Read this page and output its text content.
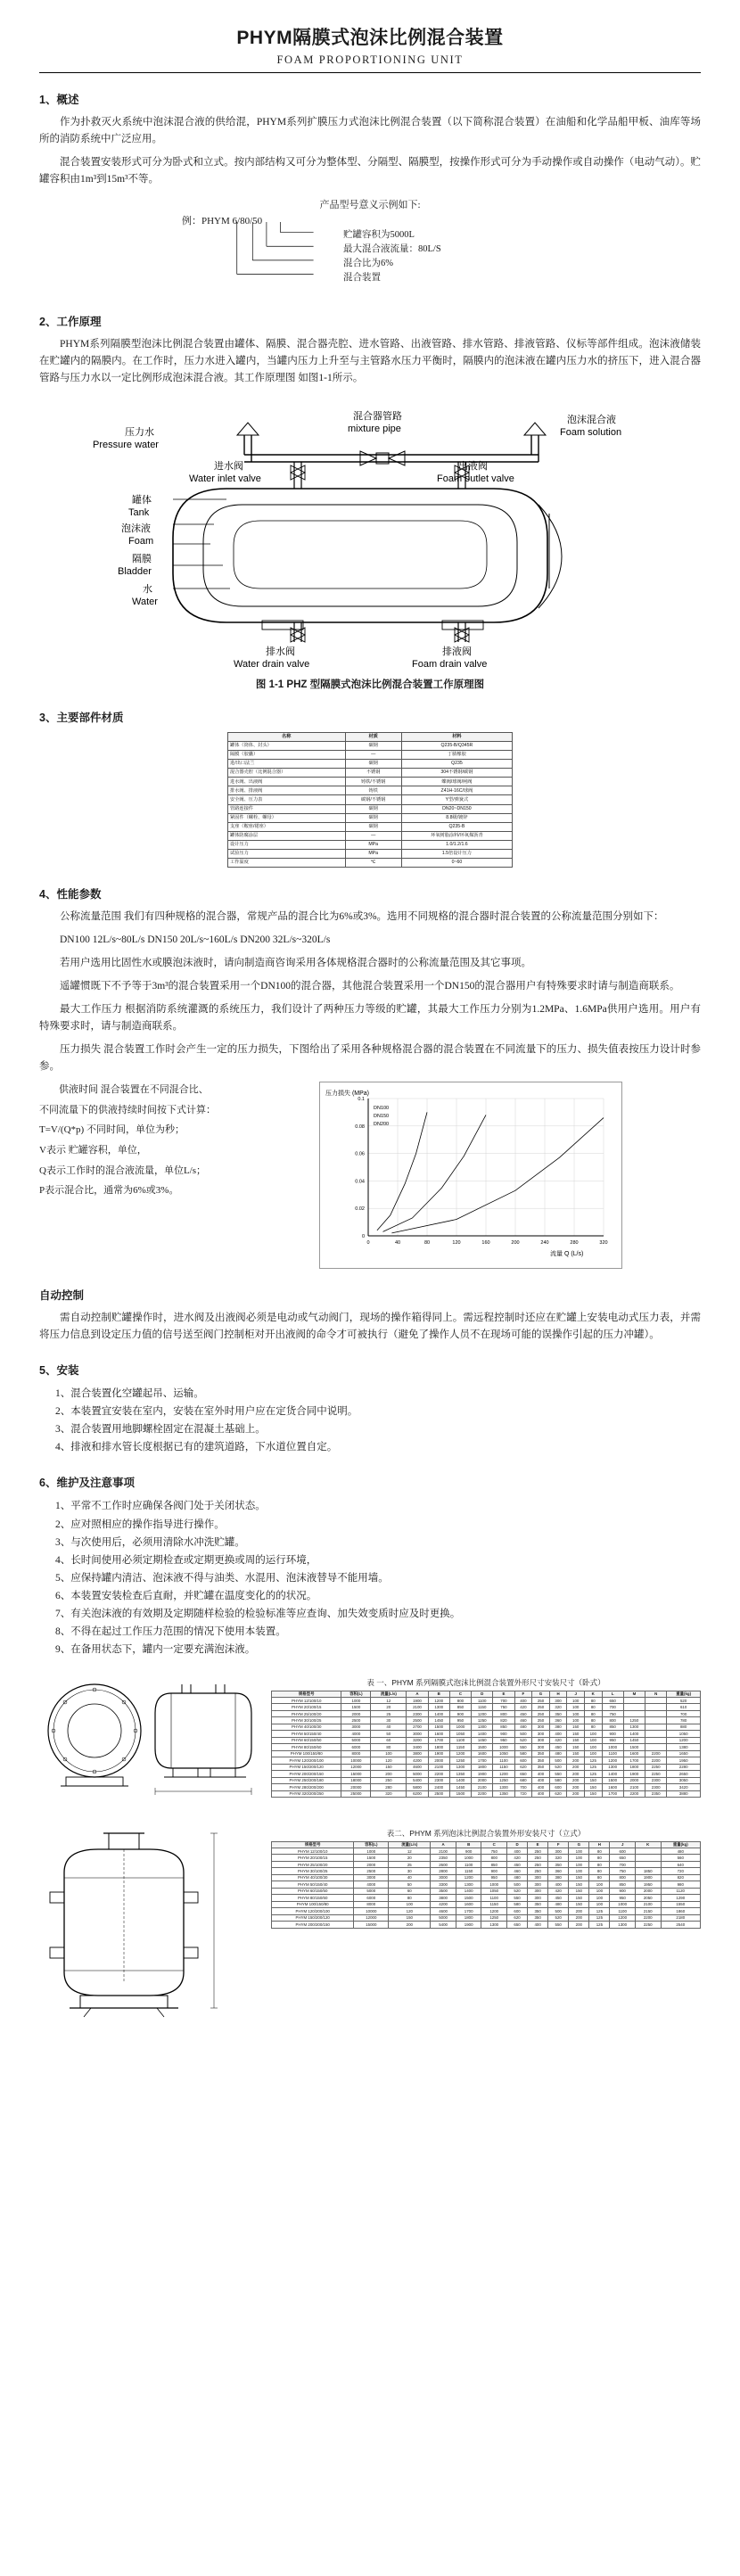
PHYM隔膜式泡沫比例混合装置
FOAM PROPORTIONING UNIT
1、概述

作为扑救灭火系统中泡沫混合液的供给混，PHYM系列扩膜压力式泡沫比例混合装置（以下简称混合装置）在油船和化学品船甲板、油库等场所的消防系统中广泛应用。

混合装置安装形式可分为卧式和立式。按内部结构又可分为整体型、分隔型、隔膜型，按操作形式可分为手动操作或自动操作（电动气动）。贮罐容积由1m³到15m³不等。

产品型号意义示例如下:
例：PHYM 6/80/50
贮罐容积为5000L
最大混合液流量：80L/S
混合比为6%
混合装置
2、工作原理

PHYM系列隔膜型泡沫比例混合装置由罐体、隔膜、混合器壳腔、进水管路、出液管路、排水管路、排液管路、仪标等部件组成。泡沫液储装在贮罐内的隔膜内。在工作时，压力水进入罐内，当罐内压力上升至与主管路水压力平衡时，隔膜内的泡沫液在罐内压力水的挤压下，进入混合器管路与压力水以一定比例形成泡沫混合液。其工作原理图 如图1-1所示。

压力水
Pressure water
混合器管路
mixture pipe
泡沫混合液
Foam solution
进水阀
Water inlet valve
出液阀
Foam outlet valve
罐体
Tank
泡沫液
Foam
隔膜
Bladder
水
Water
排水阀
Water drain valve
排液阀
Foam drain valve
图 1-1 PHZ 型隔膜式泡沫比例混合装置工作原理图
3、主要部件材质
名称	材质	材料
罐体（筒体、封头）	碳钢	Q235-B/Q345R
隔膜（胶囊）	—	丁腈橡胶
进/出口法兰	碳钢	Q235
混合器壳腔（比例混合器）	不锈钢	304不锈钢/碳钢
进水阀、出液阀	铸铁/不锈钢	蝶阀/球阀/闸阀
排水阀、排液阀	铸铁	Z41H-16C/球阀
安全阀、压力表	碳钢/不锈钢	Y型/弹簧式
管路连接件	碳钢	DN20~DN150
紧固件（螺栓、螺母）	碳钢	8.8级/镀锌
支座（鞍座/裙座）	碳钢	Q235-B
罐体防腐涂层	—	环氧树脂涂料/环氧煤沥青
设计压力	MPa	1.0/1.2/1.6
试验压力	MPa	1.5倍设计压力
工作温度	℃	0~60
4、性能参数

公称流量范围 我们有四种规格的混合器，常规产品的混合比为6%或3%。选用不同规格的混合器时混合装置的公称流量范围分别如下：

DN100 12L/s~80L/s DN150 20L/s~160L/s DN200 32L/s~320L/s

若用户选用比固性水或膜泡沫液时，请向制造商咨询采用各体规格混合器时的公称流量范围及其它事项。

遥罐惯既下不予等于3m³的混合装置采用一个DN100的混合器，其他混合装置采用一个DN150的混合器用户有特殊要求时请与制造商联系。

最大工作压力 根据消防系统灌溉的系统压力，我们设计了两种压力等级的贮罐，其最大工作压力分别为1.2MPa、1.6MPa供用户选用。用户有特殊要求时，请与制造商联系。

压力损失 混合装置工作时会产生一定的压力损失，下图给出了采用各种规格混合器的混合装置在不同流量下的压力、损失值表按压力设计时参参。

供液时间 混合装置在不同混合比、

不同流量下的供液持续时间按下式计算：

T=V/(Q*p) 不同时间，单位为秒；

V表示 贮罐容积，单位，

Q表示工作时的混合液流量，单位L/s；

P表示混合比，通常为6%或3%。

DN100
DN150
DN200
0	40	80	120	160	200	240	280	320
0
0.02
0.04
0.06
0.08
0.1
压力损失 (MPa)
流量 Q (L/s)
自动控制

需自动控制贮罐操作时，进水阀及出液阀必须是电动或气动阀门，现场的操作箱得同上。需远程控制时还应在贮罐上安装电动式压力表，并需将压力信息到设定压力值的信号送至阀门控制柜对开出液阀的命令才可被执行（避免了操作人员不在现场可能的误操作引起的压力冲罐）。

5、安装
1、混合装置化空罐起吊、运输。
2、本装置宜安装在室内，安装在室外时用户应在定货合同中说明。
3、混合装置用地脚螺栓固定在混凝土基础上。
4、排液和排水管长度根据已有的建筑道路，下水道位置自定。
6、维护及注意事项
1、平常不工作时应确保各阀门处于关闭状态。
2、应对照相应的操作指导进行操作。
3、与次使用后，必须用清除水冲洗贮罐。
4、长时间使用必须定期检查或定期更换或周的运行环境，
5、应保持罐内清洁、泡沫液不得与油类、水混用、泡沫液替导不能用墙。
6、本装置安装检查后直耐，并贮罐在温度变化的的状况。
7、有关泡沫液的有效期及定期随样检验的检验标准等应查询、加失效变质时应及时更换。
8、不得在起过工作压力范围的情况下使用本装置。
9、在备用状态下，罐内一定要充满泡沫液。
表 一、PHYM 系列隔膜式泡沫比例混合装置外形尺寸安装尺寸（卧式）
规格型号	容积(L)	流量(L/s)	A	B	C	D	E	F	G	H	J	K	L	M	N	重量(kg)
PHYM 12/100/10	1000	12	1900	1200	800	1100	700	400	250	300	100	80	650			520
PHYM 20/100/15	1500	20	2100	1300	850	1150	750	420	250	320	100	80	700			610
PHYM 25/100/20	2000	25	2300	1400	900	1200	800	450	250	350	100	80	750			700
PHYM 30/100/25	2500	30	2500	1450	950	1250	820	460	250	360	100	80	800	1250		780
PHYM 40/100/30	3000	40	2700	1500	1000	1300	850	480	300	380	150	80	850	1300		880
PHYM 50/150/40	4000	50	3000	1600	1050	1400	900	500	300	400	150	100	900	1400		1050
PHYM 60/150/50	5000	60	3200	1700	1100	1450	950	520	300	420	150	100	950	1450		1200
PHYM 80/150/60	6000	80	3400	1800	1150	1500	1000	550	300	450	150	100	1000	1500		1380
PHYM 100/150/80	8000	100	3800	1900	1200	1600	1050	580	350	480	150	100	1100	1600	2200	1650
PHYM 120/200/100	10000	120	4200	2000	1250	1700	1100	600	350	500	200	125	1200	1700	2200	1950
PHYM 150/200/120	12000	150	4600	2100	1300	1800	1150	620	350	520	200	125	1300	1800	2250	2280
PHYM 200/200/150	15000	200	5000	2200	1350	1900	1200	650	400	550	200	125	1400	1900	2250	2650
PHYM 250/200/180	18000	250	5400	2300	1400	2000	1250	680	400	580	200	150	1500	2000	2300	3050
PHYM 280/200/200	20000	280	5800	2400	1450	2100	1300	700	400	600	200	150	1600	2100	2300	3420
PHYM 320/200/250	25000	320	6200	2500	1500	2200	1350	720	400	620	200	150	1700	2200	2350	3880
表二、PHYM 系列泡沫比例混合装置外形安装尺寸（立式）
规格型号	容积(L)	流量(L/s)	A	B	C	D	E	F	G	H	J	K	重量(kg)
PHYM 12/100/10	1000	12	2100	900	750	400	250	300	100	80	600		480
PHYM 20/100/15	1500	20	2350	1000	800	420	250	320	100	80	650		560
PHYM 25/100/20	2000	25	2600	1100	850	450	250	350	100	80	700		640
PHYM 30/100/25	2500	30	2800	1150	900	460	250	360	100	80	750	1850	720
PHYM 40/100/30	3000	40	3000	1200	950	480	300	380	150	80	800	1900	820
PHYM 50/150/40	4000	50	3300	1300	1000	500	300	400	150	100	850	1950	980
PHYM 60/150/50	5000	60	3500	1400	1050	520	300	420	150	100	900	2000	1120
PHYM 80/150/60	6000	80	3800	1500	1100	550	300	450	150	100	950	2050	1290
PHYM 100/150/80	8000	100	4200	1600	1150	580	350	480	150	100	1000	2100	1550
PHYM 120/200/100	10000	120	4600	1700	1200	600	350	500	200	125	1100	2150	1860
PHYM 150/200/120	12000	150	5000	1800	1250	620	350	520	200	125	1200	2200	2180
PHYM 200/200/150	15000	200	5400	1900	1300	650	400	550	200	125	1300	2250	2540
